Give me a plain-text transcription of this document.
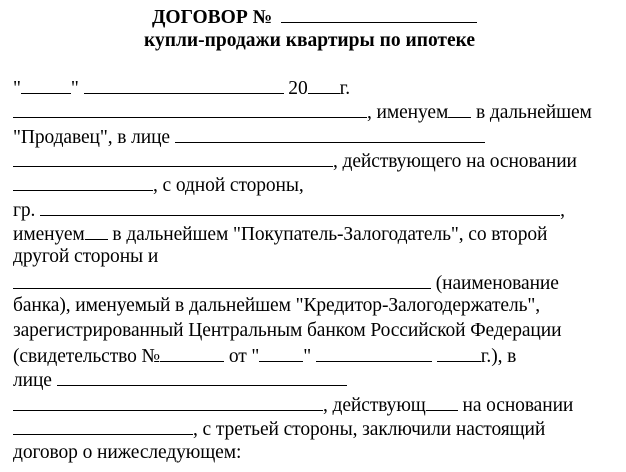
ДОГОВОР №
купли-продажи квартиры по ипотеке
"	"	20 г.
, именуем в дальнейшем
"Продавец", в лице
, действующего на основании
, с одной стороны,
гр.	,
именуем в дальнейшем "Покупатель-Залогодатель", со второй
другой стороны и
(наименование
банка), именуемый в дальнейшем "Кредитор-Залогодержатель",
зарегистрированный Центральным банком Российской Федерации
(свидетельство №	от " "	г.), в
лице
, действующ на основании
, с третьей стороны, заключили настоящий
договор о нижеследующем:
